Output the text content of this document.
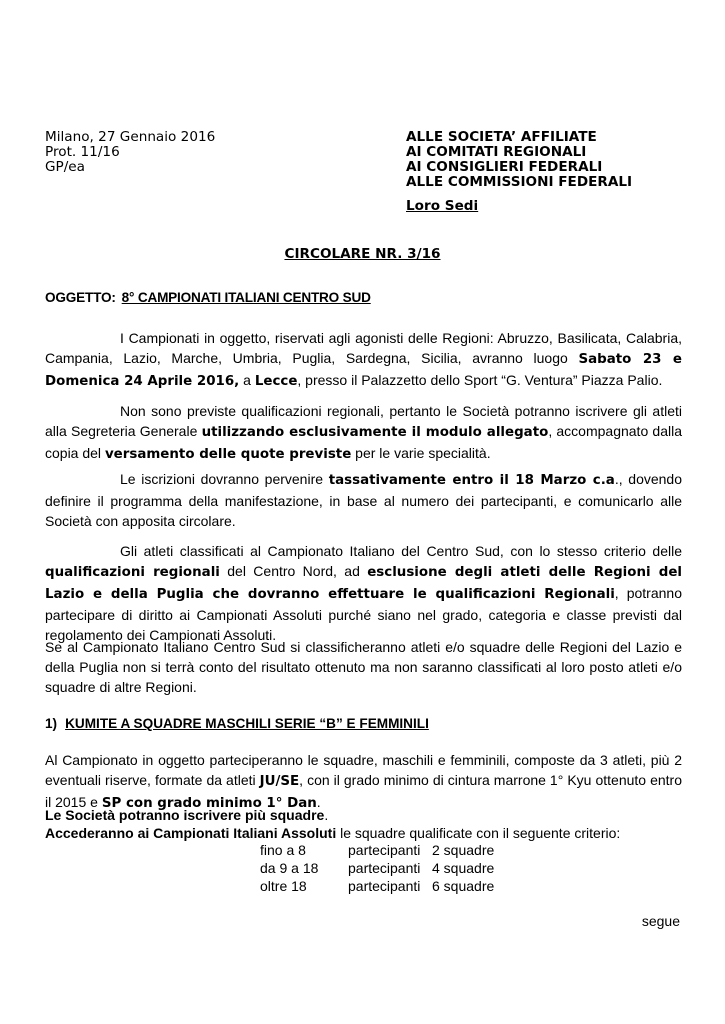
Milano, 27 Gennaio 2016
Prot. 11/16
GP/ea
ALLE SOCIETA’ AFFILIATE
AI COMITATI REGIONALI
AI CONSIGLIERI FEDERALI
ALLE COMMISSIONI FEDERALI
Loro Sedi
CIRCOLARE NR. 3/16
OGGETTO: 8° CAMPIONATI ITALIANI CENTRO SUD
I Campionati in oggetto, riservati agli agonisti delle Regioni: Abruzzo, Basilicata, Calabria, Campania, Lazio, Marche, Umbria, Puglia, Sardegna, Sicilia, avranno luogo Sabato 23 e Domenica 24 Aprile 2016, a Lecce, presso il Palazzetto dello Sport “G. Ventura” Piazza Palio.
Non sono previste qualificazioni regionali, pertanto le Società potranno iscrivere gli atleti alla Segreteria Generale utilizzando esclusivamente il modulo allegato, accompagnato dalla copia del versamento delle quote previste per le varie specialità.
Le iscrizioni dovranno pervenire tassativamente entro il 18 Marzo c.a., dovendo definire il programma della manifestazione, in base al numero dei partecipanti, e comunicarlo alle Società con apposita circolare.
Gli atleti classificati al Campionato Italiano del Centro Sud, con lo stesso criterio delle qualificazioni regionali del Centro Nord, ad esclusione degli atleti delle Regioni del Lazio e della Puglia che dovranno effettuare le qualificazioni Regionali, potranno partecipare di diritto ai Campionati Assoluti purché siano nel grado, categoria e classe previsti dal regolamento dei Campionati Assoluti.
Se al Campionato Italiano Centro Sud si classificheranno atleti e/o squadre delle Regioni del Lazio e della Puglia non si terrà conto del risultato ottenuto ma non saranno classificati al loro posto atleti e/o squadre di altre Regioni.
1) KUMITE A SQUADRE MASCHILI SERIE “B” E FEMMINILI
Al Campionato in oggetto parteciperanno le squadre, maschili e femminili, composte da 3 atleti, più 2 eventuali riserve, formate da atleti JU/SE, con il grado minimo di cintura marrone 1° Kyu ottenuto entro il 2015 e SP con grado minimo 1° Dan.
Le Società potranno iscrivere più squadre.
Accederanno ai Campionati Italiani Assoluti le squadre qualificate con il seguente criterio:
fino a 8	partecipanti	2 squadre
da 9 a 18	partecipanti	4 squadre
oltre 18	partecipanti	6 squadre
segue
